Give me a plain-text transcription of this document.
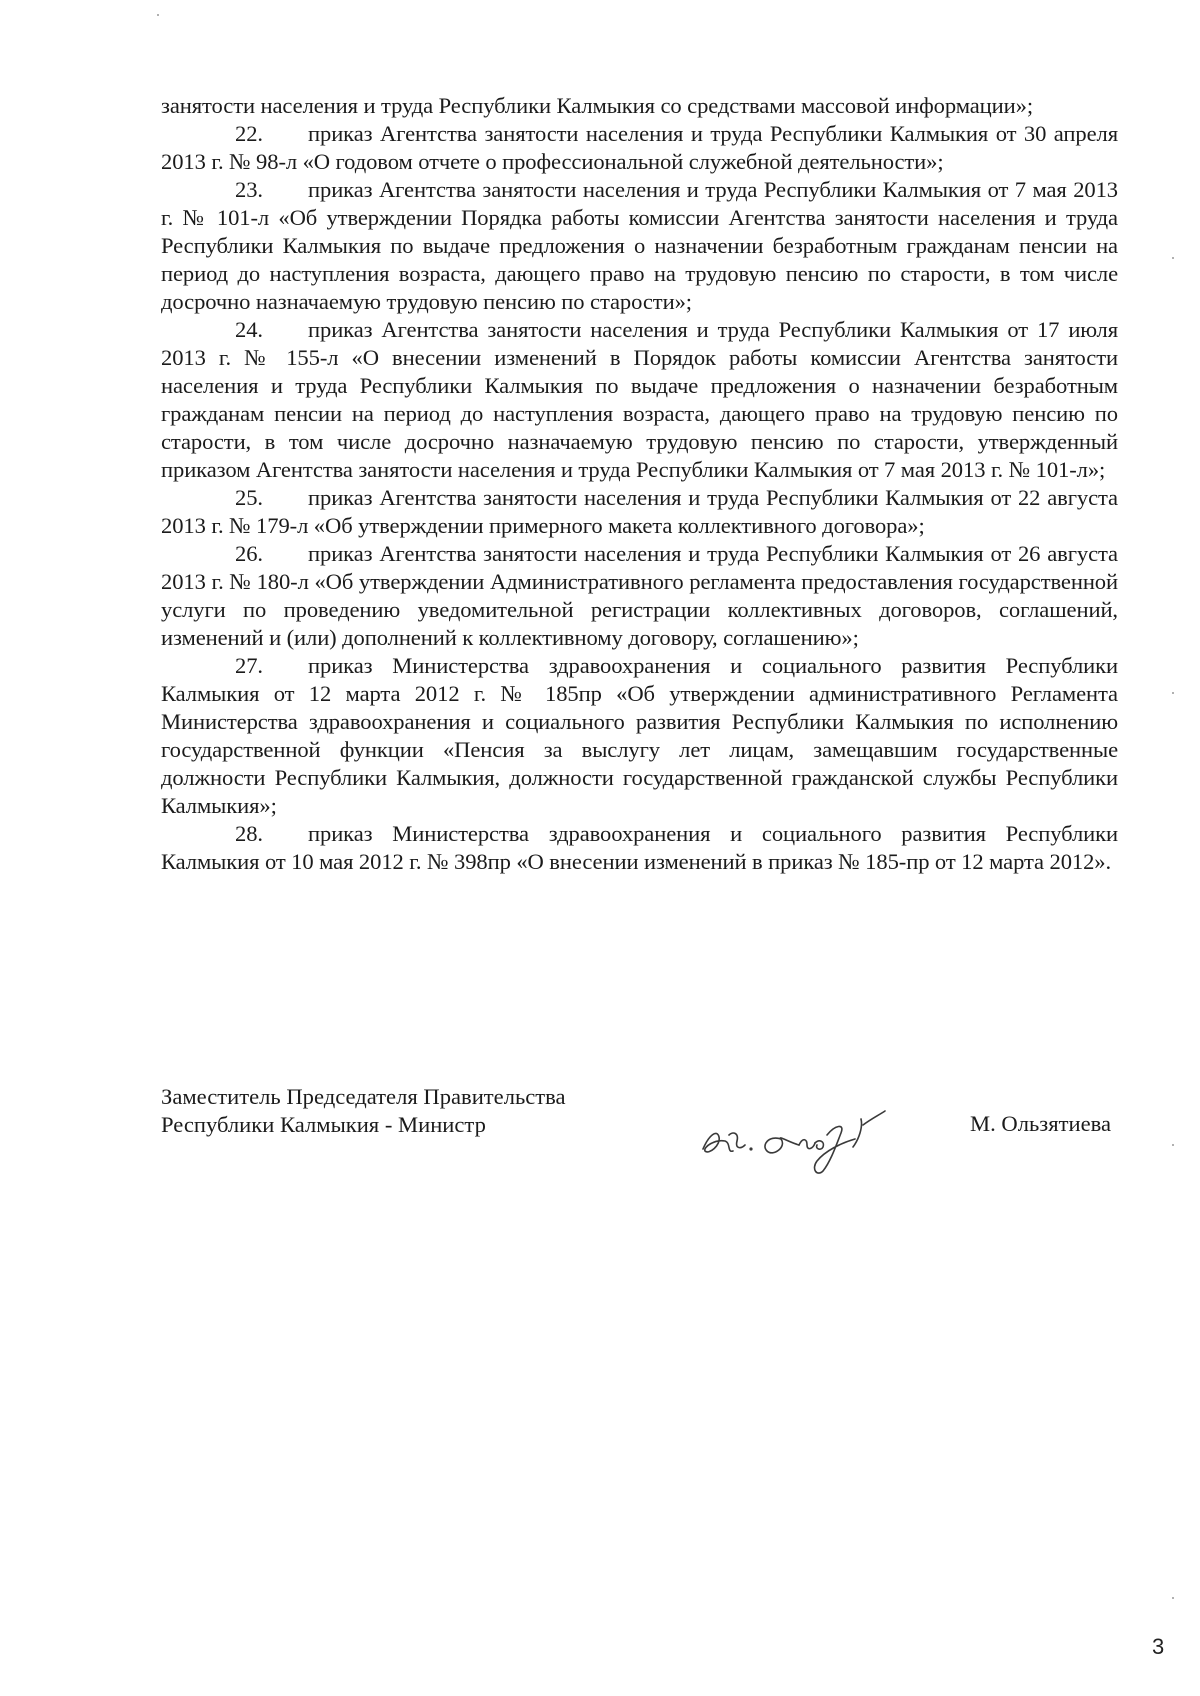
занятости населения и труда Республики Калмыкия со средствами массовой информации»;

22. приказ Агентства занятости населения и труда Республики Калмыкия от 30 апреля 2013 г. № 98-л «О годовом отчете о профессиональной служебной деятельности»;

23. приказ Агентства занятости населения и труда Республики Калмыкия от 7 мая 2013 г. № 101-л «Об утверждении Порядка работы комиссии Агентства занятости населения и труда Республики Калмыкия по выдаче предложения о назначении безработным гражданам пенсии на период до наступления возраста, дающего право на трудовую пенсию по старости, в том числе досрочно назначаемую трудовую пенсию по старости»;

24. приказ Агентства занятости населения и труда Республики Калмыкия от 17 июля 2013 г. № 155-л «О внесении изменений в Порядок работы комиссии Агентства занятости населения и труда Республики Калмыкия по выдаче предложения о назначении безработным гражданам пенсии на период до наступления возраста, дающего право на трудовую пенсию по старости, в том числе досрочно назначаемую трудовую пенсию по старости, утвержденный приказом Агентства занятости населения и труда Республики Калмыкия от 7 мая 2013 г. № 101-л»;

25. приказ Агентства занятости населения и труда Республики Калмыкия от 22 августа 2013 г. № 179-л «Об утверждении примерного макета коллективного договора»;

26. приказ Агентства занятости населения и труда Республики Калмыкия от 26 августа 2013 г. № 180-л «Об утверждении Административного регламента предоставления государственной услуги по проведению уведомительной регистрации коллективных договоров, соглашений, изменений и (или) дополнений к коллективному договору, соглашению»;

27. приказ Министерства здравоохранения и социального развития Республики Калмыкия от 12 марта 2012 г. № 185пр «Об утверждении административного Регламента Министерства здравоохранения и социального развития Республики Калмыкия по исполнению государственной функции «Пенсия за выслугу лет лицам, замещавшим государственные должности Республики Калмыкия, должности государственной гражданской службы Республики Калмыкия»;

28. приказ Министерства здравоохранения и социального развития Республики Калмыкия от 10 мая 2012 г. № 398пр «О внесении изменений в приказ № 185-пр от 12 марта 2012».

Заместитель Председателя Правительства
Республики Калмыкия - Министр	М. Ользятиева

3
